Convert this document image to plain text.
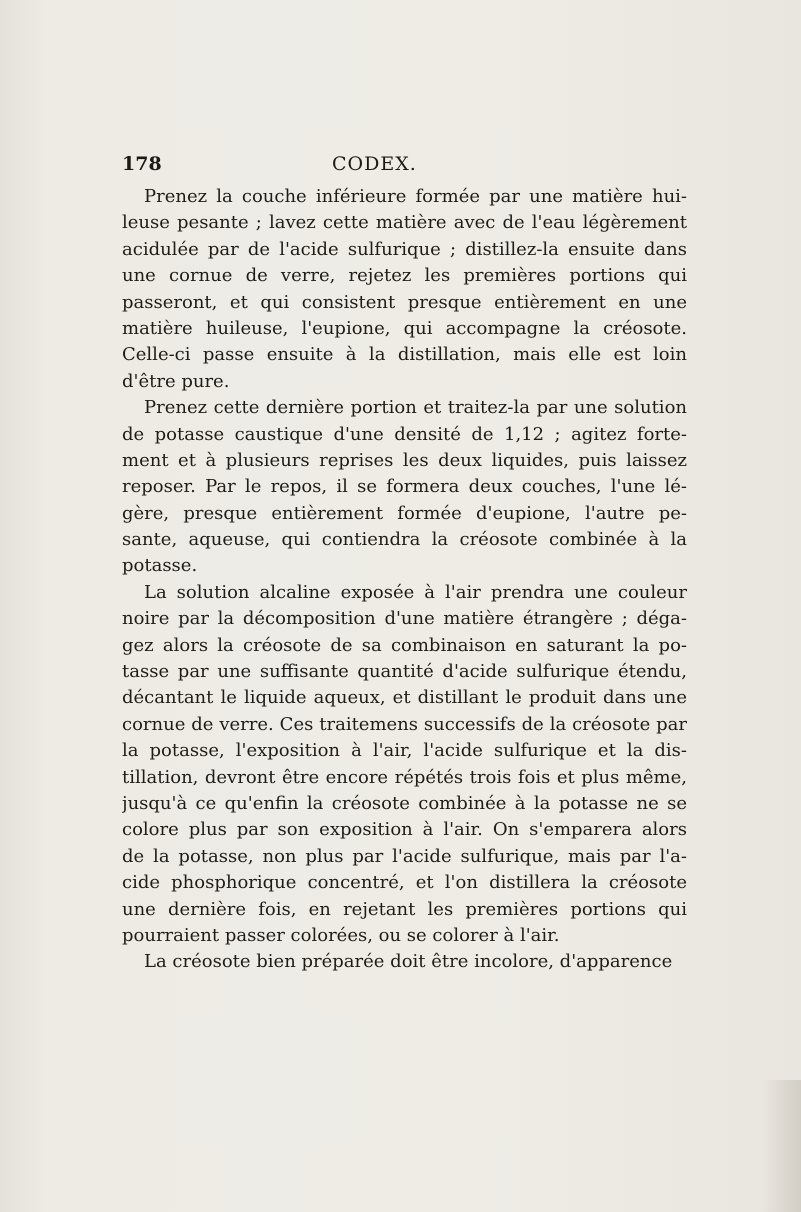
178	CODEX.
Prenez la couche inférieure formée par une matière hui-
leuse pesante ; lavez cette matière avec de l'eau légèrement
acidulée par de l'acide sulfurique ; distillez-la ensuite dans
une cornue de verre, rejetez les premières portions qui
passeront, et qui consistent presque entièrement en une
matière huileuse, l'eupione, qui accompagne la créosote.
Celle-ci passe ensuite à la distillation, mais elle est loin
d'être pure.
Prenez cette dernière portion et traitez-la par une solution
de potasse caustique d'une densité de 1,12 ; agitez forte-
ment et à plusieurs reprises les deux liquides, puis laissez
reposer. Par le repos, il se formera deux couches, l'une lé-
gère, presque entièrement formée d'eupione, l'autre pe-
sante, aqueuse, qui contiendra la créosote combinée à la
potasse.
La solution alcaline exposée à l'air prendra une couleur
noire par la décomposition d'une matière étrangère ; déga-
gez alors la créosote de sa combinaison en saturant la po-
tasse par une suffisante quantité d'acide sulfurique étendu,
décantant le liquide aqueux, et distillant le produit dans une
cornue de verre. Ces traitemens successifs de la créosote par
la potasse, l'exposition à l'air, l'acide sulfurique et la dis-
tillation, devront être encore répétés trois fois et plus même,
jusqu'à ce qu'enfin la créosote combinée à la potasse ne se
colore plus par son exposition à l'air. On s'emparera alors
de la potasse, non plus par l'acide sulfurique, mais par l'a-
cide phosphorique concentré, et l'on distillera la créosote
une dernière fois, en rejetant les premières portions qui
pourraient passer colorées, ou se colorer à l'air.
La créosote bien préparée doit être incolore, d'apparence
